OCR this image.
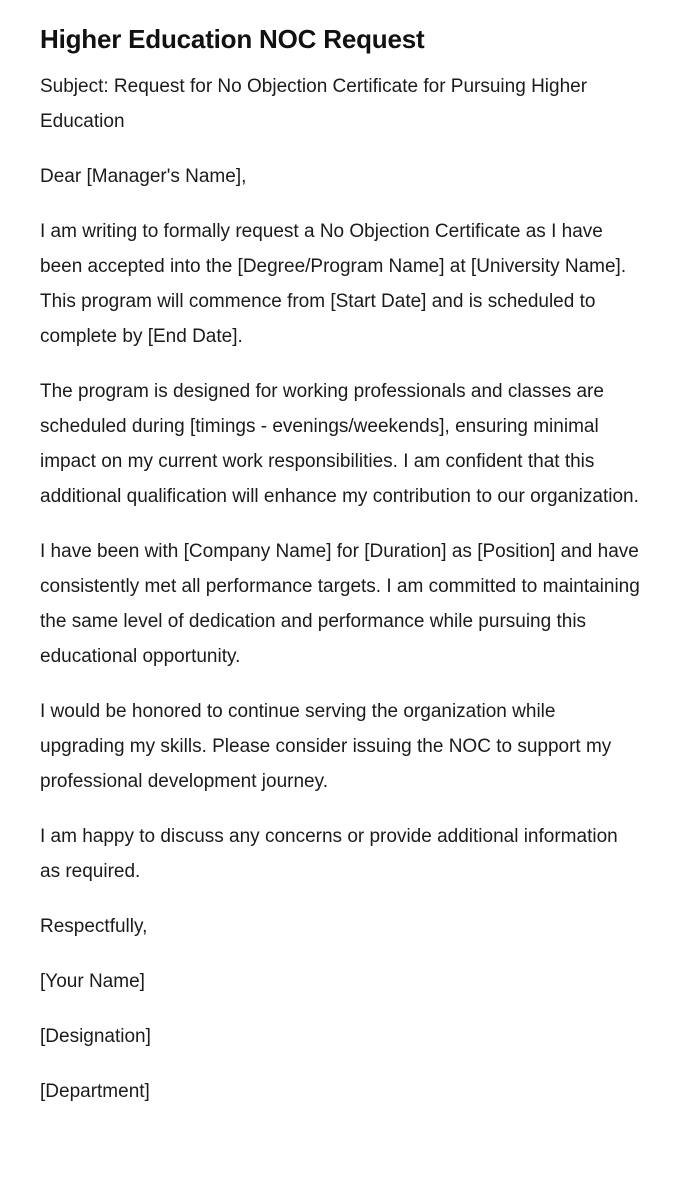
Higher Education NOC Request

Subject: Request for No Objection Certificate for Pursuing Higher Education

Dear [Manager's Name],

I am writing to formally request a No Objection Certificate as I have been accepted into the [Degree/Program Name] at [University Name]. This program will commence from [Start Date] and is scheduled to complete by [End Date].

The program is designed for working professionals and classes are scheduled during [timings - evenings/weekends], ensuring minimal impact on my current work responsibilities. I am confident that this additional qualification will enhance my contribution to our organization.

I have been with [Company Name] for [Duration] as [Position] and have consistently met all performance targets. I am committed to maintaining the same level of dedication and performance while pursuing this educational opportunity.

I would be honored to continue serving the organization while upgrading my skills. Please consider issuing the NOC to support my professional development journey.

I am happy to discuss any concerns or provide additional information as required.

Respectfully,

[Your Name]

[Designation]

[Department]
